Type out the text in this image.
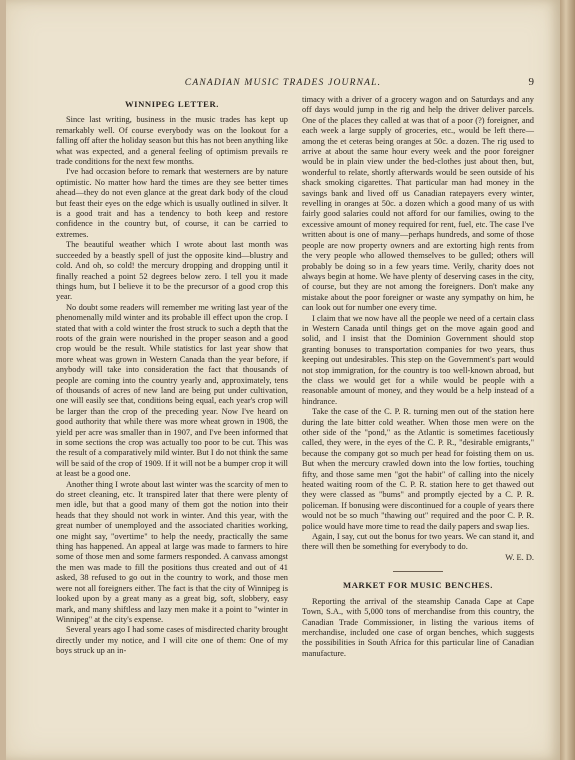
CANADIAN MUSIC TRADES JOURNAL.	9
WINNIPEG LETTER.

Since last writing, business in the music trades has kept up remarkably well. Of course everybody was on the lookout for a falling off after the holiday season but this has not been anything like what was expected, and a general feeling of optimism prevails re trade conditions for the next few months.

I've had occasion before to remark that westerners are by nature optimistic. No matter how hard the times are they see better times ahead—they do not even glance at the great dark body of the cloud but feast their eyes on the edge which is usually outlined in silver. It is a good trait and has a tendency to both keep and restore confidence in the country but, of course, it can be carried to extremes.

The beautiful weather which I wrote about last month was succeeded by a beastly spell of just the opposite kind—blustry and cold. And oh, so cold! the mercury dropping and dropping until it finally reached a point 52 degrees below zero. I tell you it made things hum, but I believe it to be the precursor of a good crop this year.

No doubt some readers will remember me writing last year of the phenomenally mild winter and its probable ill effect upon the crop. I stated that with a cold winter the frost struck to such a depth that the roots of the grain were nourished in the proper season and a good crop would be the result. While statistics for last year show that more wheat was grown in Western Canada than the year before, if anybody will take into consideration the fact that thousands of people are coming into the country yearly and, approximately, tens of thousands of acres of new land are being put under cultivation, one will easily see that, conditions being equal, each year's crop will be larger than the crop of the preceding year. Now I've heard on good authority that while there was more wheat grown in 1908, the yield per acre was smaller than in 1907, and I've been informed that in some sections the crop was actually too poor to be cut. This was the result of a comparatively mild winter. But I do not think the same will be said of the crop of 1909. If it will not be a bumper crop it will at least be a good one.

Another thing I wrote about last winter was the scarcity of men to do street cleaning, etc. It transpired later that there were plenty of men idle, but that a good many of them got the notion into their heads that they should not work in winter. And this year, with the great number of unemployed and the associated charities working, one might say, "overtime" to help the needy, practically the same thing has happened. An appeal at large was made to farmers to hire some of those men and some farmers responded. A canvass amongst the men was made to fill the positions thus created and out of 41 asked, 38 refused to go out in the country to work, and those men were not all foreigners either. The fact is that the city of Winnipeg is looked upon by a great many as a great big, soft, slobbery, easy mark, and many shiftless and lazy men make it a point to "winter in Winnipeg" at the city's expense.

Several years ago I had some cases of misdirected charity brought directly under my notice, and I will cite one of them: One of my boys struck up an in-

timacy with a driver of a grocery wagon and on Saturdays and any off days would jump in the rig and help the driver deliver parcels. One of the places they called at was that of a poor (?) foreigner, and each week a large supply of groceries, etc., would be left there—among the et ceteras being oranges at 50c. a dozen. The rig used to arrive at about the same hour every week and the poor foreigner would be in plain view under the bed-clothes just about then, but, wonderful to relate, shortly afterwards would be seen outside of his shack smoking cigarettes. That particular man had money in the savings bank and lived off us Canadian ratepayers every winter, revelling in oranges at 50c. a dozen which a good many of us with fairly good salaries could not afford for our families, owing to the excessive amount of money required for rent, fuel, etc. The case I've written about is one of many—perhaps hundreds, and some of those people are now property owners and are extorting high rents from the very people who allowed themselves to be gulled; others will probably be doing so in a few years time. Verily, charity does not always begin at home. We have plenty of deserving cases in the city, of course, but they are not among the foreigners. Don't make any mistake about the poor foreigner or waste any sympathy on him, he can look out for number one every time.

I claim that we now have all the people we need of a certain class in Western Canada until things get on the move again good and solid, and I insist that the Dominion Government should stop granting bonuses to transportation companies for two years, thus keeping out undesirables. This step on the Government's part would not stop immigration, for the country is too well-known abroad, but the class we would get for a while would be people with a reasonable amount of money, and they would be a help instead of a hindrance.

Take the case of the C. P. R. turning men out of the station here during the late bitter cold weather. When those men were on the other side of the "pond," as the Atlantic is sometimes facetiously called, they were, in the eyes of the C. P. R., "desirable emigrants," because the company got so much per head for foisting them on us. But when the mercury crawled down into the low forties, touching fifty, and those same men "got the habit" of calling into the nicely heated waiting room of the C. P. R. station here to get thawed out they were classed as "bums" and promptly ejected by a C. P. R. policeman. If bonusing were discontinued for a couple of years there would not be so much "thawing out" required and the poor C. P. R. police would have more time to read the daily papers and swap lies.

Again, I say, cut out the bonus for two years. We can stand it, and there will then be something for everybody to do.

W. E. D.

MARKET FOR MUSIC BENCHES.

Reporting the arrival of the steamship Canada Cape at Cape Town, S.A., with 5,000 tons of merchandise from this country, the Canadian Trade Commissioner, in listing the various items of merchandise, included one case of organ benches, which suggests the possibilities in South Africa for this particular line of Canadian manufacture.
